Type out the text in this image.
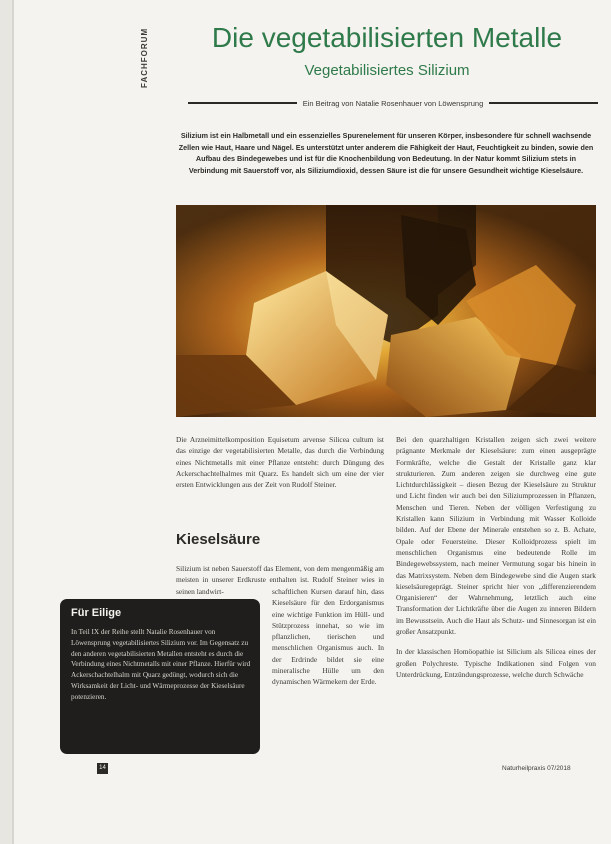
FACHFORUM	Die vegetabilisierten Metalle
Vegetabilisiertes Silizium
Ein Beitrag von Natalie Rosenhauer von Löwensprung

Silizium ist ein Halbmetall und ein essenzielles Spurenelement für unseren Körper, insbesondere für schnell wachsende Zellen wie Haut, Haare und Nägel. Es unterstützt unter anderem die Fähigkeit der Haut, Feuchtigkeit zu binden, sowie den Aufbau des Bindegewebes und ist für die Knochenbildung von Bedeutung. In der Natur kommt Silizium stets in Verbindung mit Sauerstoff vor, als Siliziumdioxid, dessen Säure ist die für unsere Gesundheit wichtige Kieselsäure.

Die Arzneimittelkomposition Equisetum arvense Silicea cultum ist das einzige der vegetabilisierten Metalle, das durch die Verbindung eines Nichtmetalls mit einer Pflanze entsteht: durch Düngung des Ackerschachtelhalmes mit Quarz. Es handelt sich um eine der vier ersten Entwicklungen aus der Zeit von Rudolf Steiner.

Kieselsäure

Silizium ist neben Sauerstoff das Element, von dem mengenmäßig am meisten in unserer Erdkruste enthalten ist. Rudolf Steiner wies in seinen landwirt-	schaftlichen Kursen darauf hin, dass Kieselsäure für den Erdorganismus eine wichtige Funktion im Hüll- und Stützprozess innehat, so wie im pflanzlichen, tierischen und menschlichen Organismus auch. In der Erdrinde bildet sie eine mineralische Hülle um den dynamischen Wärmekern der Erde.

Bei den quarzhaltigen Kristallen zeigen sich zwei weitere prägnante Merkmale der Kieselsäure: zum einen ausgeprägte Formkräfte, welche die Gestalt der Kristalle ganz klar strukturieren. Zum anderen zeigen sie durchweg eine gute Lichtdurchlässigkeit – diesen Bezug der Kieselsäure zu Struktur und Licht finden wir auch bei den Siliziumprozessen in Pflanzen, Menschen und Tieren. Neben der völligen Verfestigung zu Kristallen kann Silizium in Verbindung mit Wasser Kolloide bilden. Auf der Ebene der Minerale entstehen so z. B. Achate, Opale oder Feuersteine. Dieser Kolloidprozess spielt im menschlichen Organismus eine bedeutende Rolle im Bindegewebssystem, nach meiner Vermutung sogar bis hinein in das Matrixsystem. Neben dem Bindegewebe sind die Augen stark kieselsäuregeprägt. Steiner spricht hier von „differenzierendem Organisieren“ der Wahrnehmung, letztlich auch eine Transformation der Lichtkräfte über die Augen zu inneren Bildern im Bewusstsein. Auch die Haut als Schutz- und Sinnesorgan ist ein großer Ansatzpunkt.

In der klassischen Homöopathie ist Silicium als Silicea eines der großen Polychreste. Typische Indikationen sind Folgen von Unterdrückung, Entzündungsprozesse, welche durch Schwäche

Für Eilige

In Teil IX der Reihe stellt Natalie Rosenhauer von Löwensprung vegetabilisiertes Silizium vor. Im Gegensatz zu den anderen vegetabilisierten Metallen entsteht es durch die Verbindung eines Nichtmetalls mit einer Pflanze. Hierfür wird Ackerschachtelhalm mit Quarz gedüngt, wodurch sich die Wirksamkeit der Licht- und Wärmeprozesse der Kieselsäure potenzieren.

14	Naturheilpraxis 07/2018
